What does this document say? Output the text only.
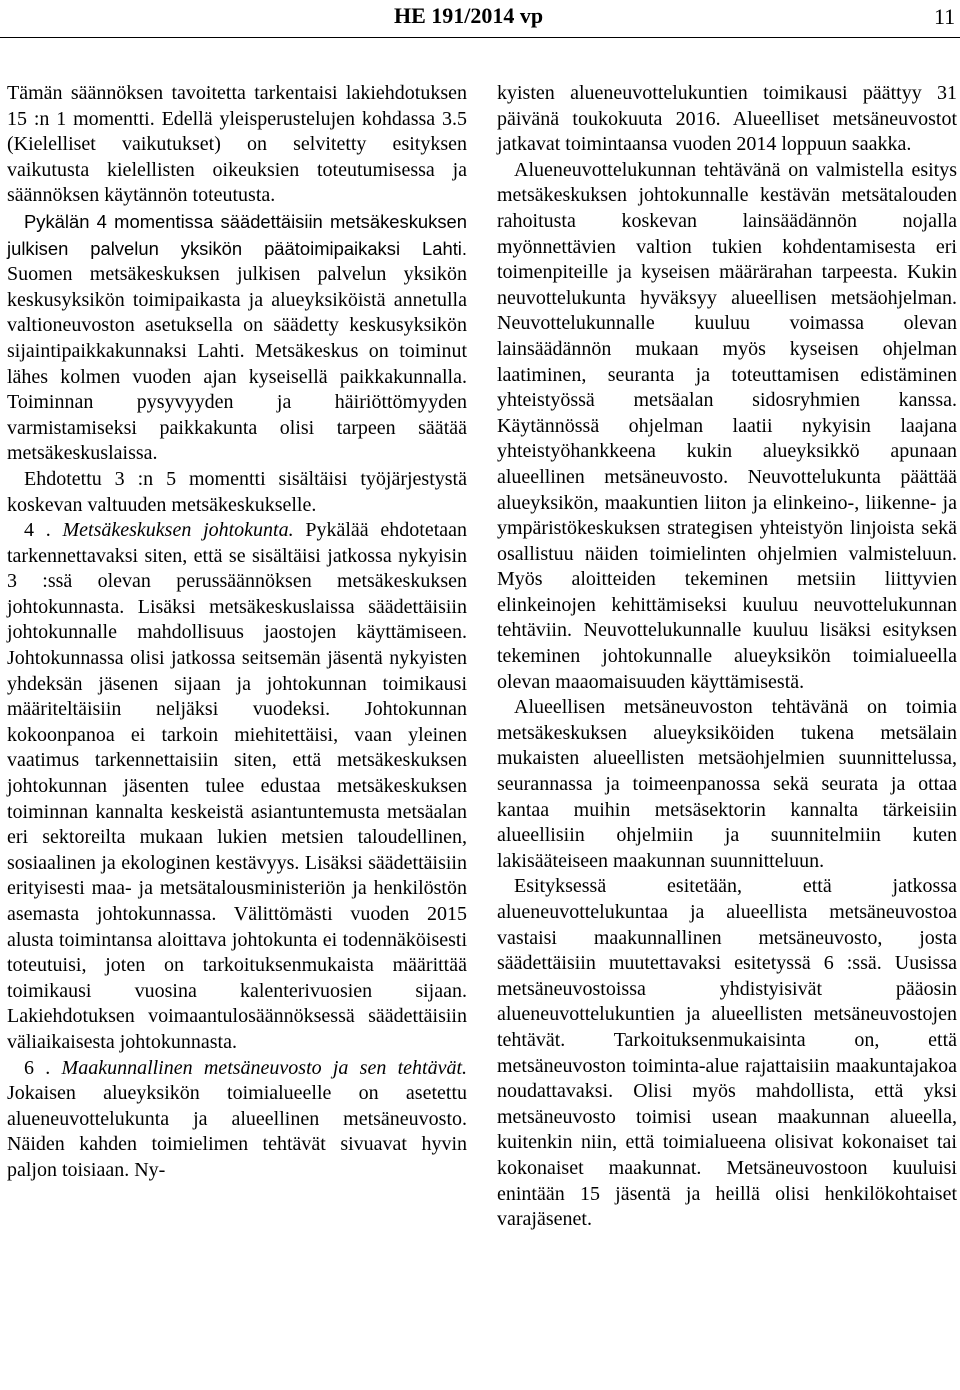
HE 191/2014 vp	11

Tämän säännöksen tavoitetta tarkentaisi lakiehdotuksen 15 :n 1 momentti. Edellä yleisperustelujen kohdassa 3.5 (Kielelliset vaikutukset) on selvitetty esityksen vaikutusta kielellisten oikeuksien toteutumisessa ja säännöksen käytännön toteutusta.

Pykälän 4 momentissa säädettäisiin metsäkeskuksen julkisen palvelun yksikön päätoimipaikaksi Lahti. Suomen metsäkeskuksen julkisen palvelun yksikön keskusyksikön toimipaikasta ja alueyksiköistä annetulla valtioneuvoston asetuksella on säädetty keskusyksikön sijaintipaikkakunnaksi Lahti. Metsäkeskus on toiminut lähes kolmen vuoden ajan kyseisellä paikkakunnalla. Toiminnan pysyvyyden ja häiriöttömyyden varmistamiseksi paikkakunta olisi tarpeen säätää metsäkeskuslaissa.

Ehdotettu 3 :n 5 momentti sisältäisi työjärjestystä koskevan valtuuden metsäkeskukselle.

4 . Metsäkeskuksen johtokunta. Pykälää ehdotetaan tarkennettavaksi siten, että se sisältäisi jatkossa nykyisin 3 :ssä olevan perussäännöksen metsäkeskuksen johtokunnasta. Lisäksi metsäkeskuslaissa säädettäisiin johtokunnalle mahdollisuus jaostojen käyttämiseen. Johtokunnassa olisi jatkossa seitsemän jäsentä nykyisten yhdeksän jäsenen sijaan ja johtokunnan toimikausi määriteltäisiin neljäksi vuodeksi. Johtokunnan kokoonpanoa ei tarkoin miehitettäisi, vaan yleinen vaatimus tarkennettaisiin siten, että metsäkeskuksen johtokunnan jäsenten tulee edustaa metsäkeskuksen toiminnan kannalta keskeistä asiantuntemusta metsäalan eri sektoreilta mukaan lukien metsien taloudellinen, sosiaalinen ja ekologinen kestävyys. Lisäksi säädettäisiin erityisesti maa- ja metsätalousministeriön ja henkilöstön asemasta johtokunnassa. Välittömästi vuoden 2015 alusta toimintansa aloittava johtokunta ei todennäköisesti toteutuisi, joten on tarkoituksenmukaista määrittää toimikausi vuosina kalenterivuosien sijaan. Lakiehdotuksen voimaantulosäännöksessä säädettäisiin väliaikaisesta johtokunnasta.

6 . Maakunnallinen metsäneuvosto ja sen tehtävät. Jokaisen alueyksikön toimialueelle on asetettu alueneuvottelukunta ja alueellinen metsäneuvosto. Näiden kahden toimielimen tehtävät sivuavat hyvin paljon toisiaan. Ny-

kyisten alueneuvottelukuntien toimikausi päättyy 31 päivänä toukokuuta 2016. Alueelliset metsäneuvostot jatkavat toimintaansa vuoden 2014 loppuun saakka.

Alueneuvottelukunnan tehtävänä on valmistella esitys metsäkeskuksen johtokunnalle kestävän metsätalouden rahoitusta koskevan lainsäädännön nojalla myönnettävien valtion tukien kohdentamisesta eri toimenpiteille ja kyseisen määrärahan tarpeesta. Kukin neuvottelukunta hyväksyy alueellisen metsäohjelman. Neuvottelukunnalle kuuluu voimassa olevan lainsäädännön mukaan myös kyseisen ohjelman laatiminen, seuranta ja toteuttamisen edistäminen yhteistyössä metsäalan sidosryhmien kanssa. Käytännössä ohjelman laatii nykyisin laajana yhteistyöhankkeena kukin alueyksikkö apunaan alueellinen metsäneuvosto. Neuvottelukunta päättää alueyksikön, maakuntien liiton ja elinkeino-, liikenne- ja ympäristökeskuksen strategisen yhteistyön linjoista sekä osallistuu näiden toimielinten ohjelmien valmisteluun. Myös aloitteiden tekeminen metsiin liittyvien elinkeinojen kehittämiseksi kuuluu neuvottelukunnan tehtäviin. Neuvottelukunnalle kuuluu lisäksi esityksen tekeminen johtokunnalle alueyksikön toimialueella olevan maaomaisuuden käyttämisestä.

Alueellisen metsäneuvoston tehtävänä on toimia metsäkeskuksen alueyksiköiden tukena metsälain mukaisten alueellisten metsäohjelmien suunnittelussa, seurannassa ja toimeenpanossa sekä seurata ja ottaa kantaa muihin metsäsektorin kannalta tärkeisiin alueellisiin ohjelmiin ja suunnitelmiin kuten lakisääteiseen maakunnan suunnitteluun.

Esityksessä esitetään, että jatkossa alueneuvottelukuntaa ja alueellista metsäneuvostoa vastaisi maakunnallinen metsäneuvosto, josta säädettäisiin muutettavaksi esitetyssä 6 :ssä. Uusissa metsäneuvostoissa yhdistyisivät pääosin alueneuvottelukuntien ja alueellisten metsäneuvostojen tehtävät. Tarkoituksenmukaisinta on, että metsäneuvoston toiminta-alue rajattaisiin maakuntajakoa noudattavaksi. Olisi myös mahdollista, että yksi metsäneuvosto toimisi usean maakunnan alueella, kuitenkin niin, että toimialueena olisivat kokonaiset tai kokonaiset maakunnat. Metsäneuvostoon kuuluisi enintään 15 jäsentä ja heillä olisi henkilökohtaiset varajäsenet.
